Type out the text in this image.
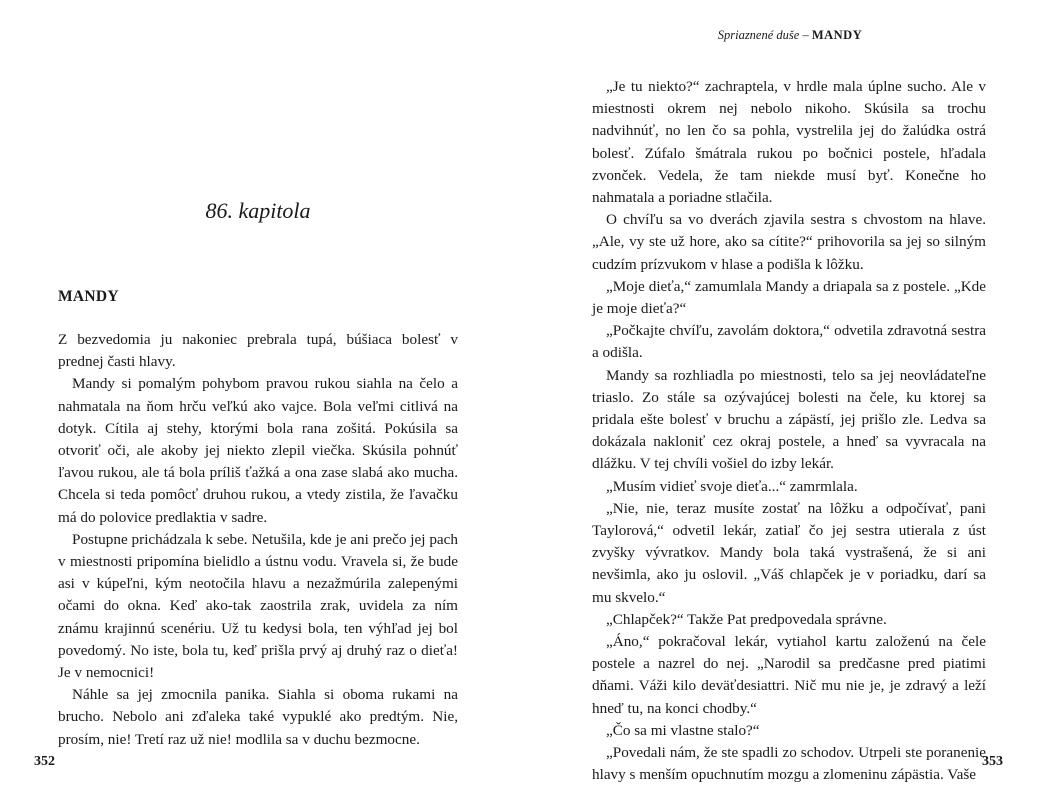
86. kapitola
MANDY

Z bezvedomia ju nakoniec prebrala tupá, búšiaca bolesť v prednej časti hlavy.

Mandy si pomalým pohybom pravou rukou siahla na čelo a nahmatala na ňom hrču veľkú ako vajce. Bola veľmi citlivá na dotyk. Cítila aj stehy, ktorými bola rana zošitá. Pokúsila sa otvoriť oči, ale akoby jej niekto zlepil viečka. Skúsila pohnúť ľavou rukou, ale tá bola príliš ťažká a ona zase slabá ako mucha. Chcela si teda pomôcť druhou rukou, a vtedy zistila, že ľavačku má do polovice predlaktia v sadre.

Postupne prichádzala k sebe. Netušila, kde je ani prečo jej pach v miestnosti pripomína bielidlo a ústnu vodu. Vravela si, že bude asi v kúpeľni, kým neotočila hlavu a nezažmúrila zalepenými očami do okna. Keď ako-tak zaostrila zrak, uvidela za ním známu krajinnú scenériu. Už tu kedysi bola, ten výhľad jej bol povedomý. No iste, bola tu, keď prišla prvý aj druhý raz o dieťa! Je v nemocnici!

Náhle sa jej zmocnila panika. Siahla si oboma rukami na brucho. Nebolo ani zďaleka také vypuklé ako predtým. Nie, prosím, nie! Tretí raz už nie! modlila sa v duchu bezmocne.

352
Spriaznené duše – MANDY

„Je tu niekto?“ zachraptela, v hrdle mala úplne sucho. Ale v miestnosti okrem nej nebolo nikoho. Skúsila sa trochu nadvihnúť, no len čo sa pohla, vystrelila jej do žalúdka ostrá bolesť. Zúfalo šmátrala rukou po bočnici postele, hľadala zvonček. Vedela, že tam niekde musí byť. Konečne ho nahmatala a poriadne stlačila.

O chvíľu sa vo dverách zjavila sestra s chvostom na hlave. „Ale, vy ste už hore, ako sa cítite?“ prihovorila sa jej so silným cudzím prízvukom v hlase a podišla k lôžku.

„Moje dieťa,“ zamumlala Mandy a driapala sa z postele. „Kde je moje dieťa?“

„Počkajte chvíľu, zavolám doktora,“ odvetila zdravotná sestra a odišla.

Mandy sa rozhliadla po miestnosti, telo sa jej neovládateľne triaslo. Zo stále sa ozývajúcej bolesti na čele, ku ktorej sa pridala ešte bolesť v bruchu a zápästí, jej prišlo zle. Ledva sa dokázala nakloniť cez okraj postele, a hneď sa vyvracala na dlážku. V tej chvíli vošiel do izby lekár.

„Musím vidieť svoje dieťa...“ zamrmlala.

„Nie, nie, teraz musíte zostať na lôžku a odpočívať, pani Taylorová,“ odvetil lekár, zatiaľ čo jej sestra utierala z úst zvyšky vývratkov. Mandy bola taká vystrašená, že si ani nevšimla, ako ju oslovil. „Váš chlapček je v poriadku, darí sa mu skvelo.“

„Chlapček?“ Takže Pat predpovedala správne.

„Áno,“ pokračoval lekár, vytiahol kartu založenú na čele postele a nazrel do nej. „Narodil sa predčasne pred piatimi dňami. Váži kilo deväťdesiattri. Nič mu nie je, je zdravý a leží hneď tu, na konci chodby.“

„Čo sa mi vlastne stalo?“

„Povedali nám, že ste spadli zo schodov. Utrpeli ste poranenie hlavy s menším opuchnutím mozgu a zlomeninu zápästia. Vaše

353
